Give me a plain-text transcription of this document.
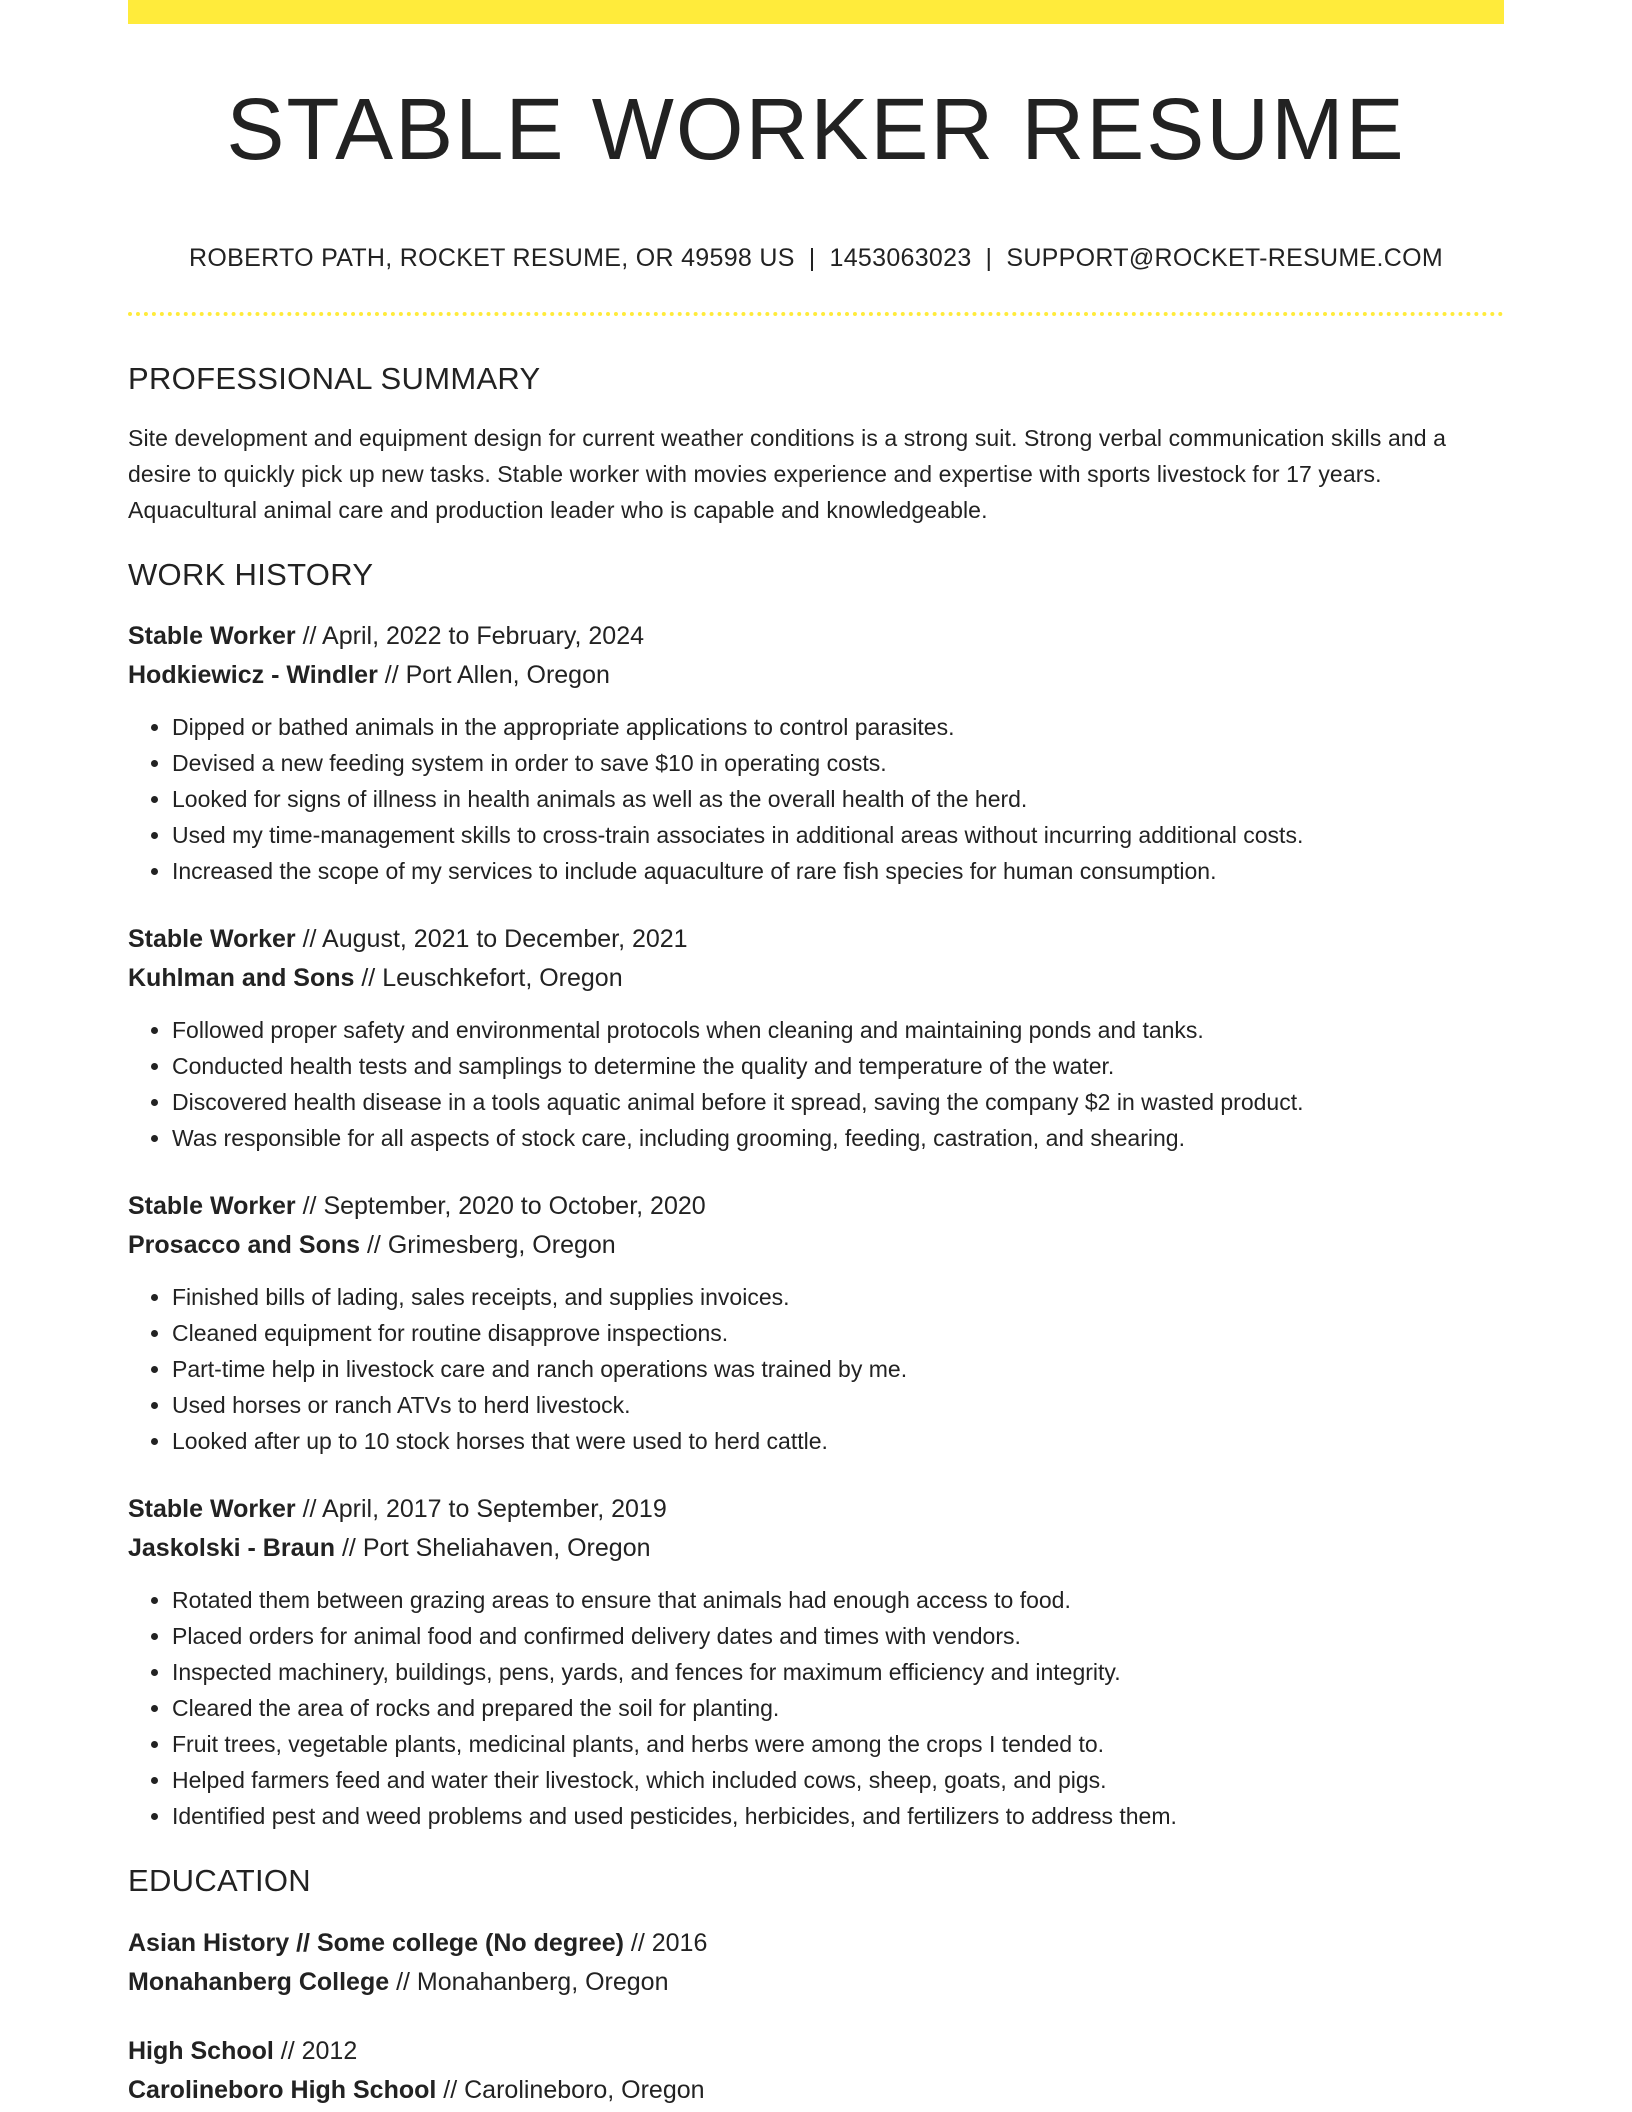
STABLE WORKER RESUME
ROBERTO PATH, ROCKET RESUME, OR 49598 US | 1453063023 | SUPPORT@ROCKET-RESUME.COM
PROFESSIONAL SUMMARY

Site development and equipment design for current weather conditions is a strong suit. Strong verbal communication skills and a desire to quickly pick up new tasks. Stable worker with movies experience and expertise with sports livestock for 17 years. Aquacultural animal care and production leader who is capable and knowledgeable.

WORK HISTORY
Stable Worker // April, 2022 to February, 2024
Hodkiewicz - Windler // Port Allen, Oregon
• Dipped or bathed animals in the appropriate applications to control parasites.
• Devised a new feeding system in order to save $10 in operating costs.
• Looked for signs of illness in health animals as well as the overall health of the herd.
• Used my time-management skills to cross-train associates in additional areas without incurring additional costs.
• Increased the scope of my services to include aquaculture of rare fish species for human consumption.
Stable Worker // August, 2021 to December, 2021
Kuhlman and Sons // Leuschkefort, Oregon
• Followed proper safety and environmental protocols when cleaning and maintaining ponds and tanks.
• Conducted health tests and samplings to determine the quality and temperature of the water.
• Discovered health disease in a tools aquatic animal before it spread, saving the company $2 in wasted product.
• Was responsible for all aspects of stock care, including grooming, feeding, castration, and shearing.
Stable Worker // September, 2020 to October, 2020
Prosacco and Sons // Grimesberg, Oregon
• Finished bills of lading, sales receipts, and supplies invoices.
• Cleaned equipment for routine disapprove inspections.
• Part-time help in livestock care and ranch operations was trained by me.
• Used horses or ranch ATVs to herd livestock.
• Looked after up to 10 stock horses that were used to herd cattle.
Stable Worker // April, 2017 to September, 2019
Jaskolski - Braun // Port Sheliahaven, Oregon
• Rotated them between grazing areas to ensure that animals had enough access to food.
• Placed orders for animal food and confirmed delivery dates and times with vendors.
• Inspected machinery, buildings, pens, yards, and fences for maximum efficiency and integrity.
• Cleared the area of rocks and prepared the soil for planting.
• Fruit trees, vegetable plants, medicinal plants, and herbs were among the crops I tended to.
• Helped farmers feed and water their livestock, which included cows, sheep, goats, and pigs.
• Identified pest and weed problems and used pesticides, herbicides, and fertilizers to address them.
EDUCATION
Asian History // Some college (No degree) // 2016
Monahanberg College // Monahanberg, Oregon
High School // 2012
Carolineboro High School // Carolineboro, Oregon
